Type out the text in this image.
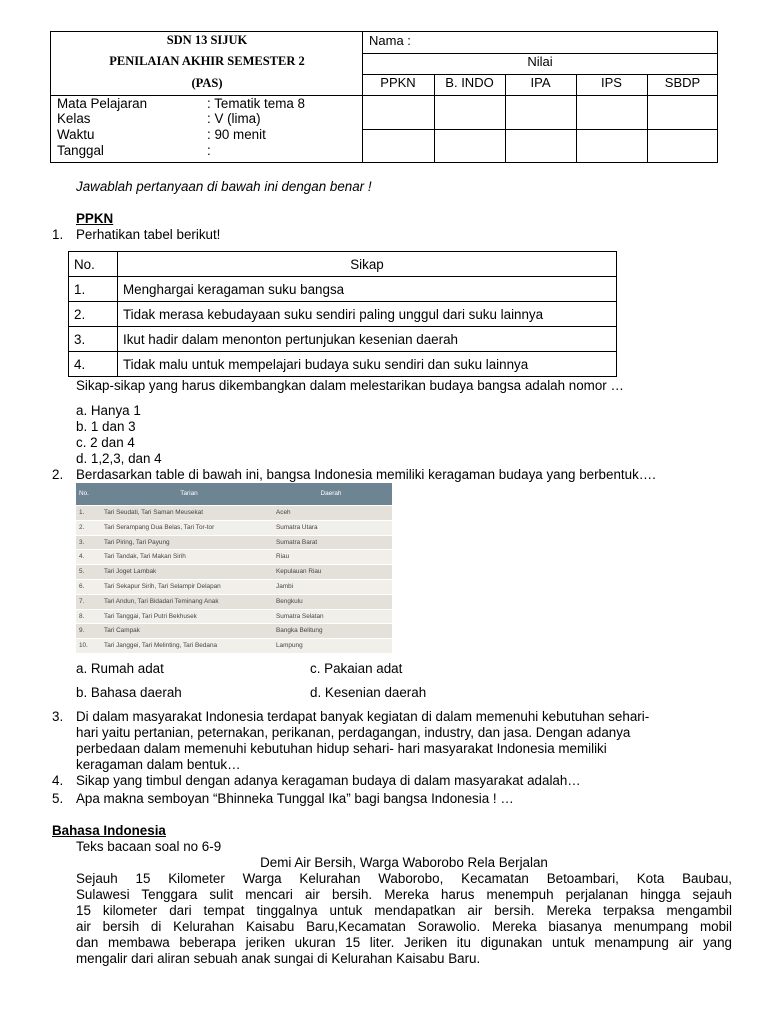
SDN 13 SIJUK
PENILAIAN AKHIR SEMESTER 2
(PAS)
Nama :
Nilai
PPKN	B. INDO	IPA	IPS	SBDP
Mata Pelajaran	: Tematik tema 8
Kelas	: V (lima)
Waktu	: 90 menit
Tanggal	:
Jawablah pertanyaan di bawah ini dengan benar !
PPKN
1. Perhatikan tabel berikut!
No.	Sikap
1.	Menghargai keragaman suku bangsa
2.	Tidak merasa kebudayaan suku sendiri paling unggul dari suku lainnya
3.	Ikut hadir dalam menonton pertunjukan kesenian daerah
4.	Tidak malu untuk mempelajari budaya suku sendiri dan suku lainnya
Sikap-sikap yang harus dikembangkan dalam melestarikan budaya bangsa adalah nomor …
a. Hanya 1
b. 1 dan 3
c. 2 dan 4
d. 1,2,3, dan 4
2. Berdasarkan table di bawah ini, bangsa Indonesia memiliki keragaman budaya yang berbentuk….
No.	Tarian	Daerah
1.	Tari Seudati, Tari Saman Meusekat	Aceh
2.	Tari Serampang Dua Belas, Tari Tor-tor	Sumatra Utara
3.	Tari Piring, Tari Payung	Sumatra Barat
4.	Tari Tandak, Tari Makan Sirih	Riau
5.	Tari Joget Lambak	Kepulauan Riau
6.	Tari Sekapur Sirih, Tari Selampir Delapan	Jambi
7.	Tari Andun, Tari Bidadari Teminang Anak	Bengkulu
8.	Tari Tanggai, Tari Putri Bekhusek	Sumatra Selatan
9.	Tari Campak	Bangka Belitung
10.	Tari Janggei, Tari Melinting, Tari Bedana	Lampung
a. Rumah adat	c. Pakaian adat
b. Bahasa daerah	d. Kesenian daerah
3. Di dalam masyarakat Indonesia terdapat banyak kegiatan di dalam memenuhi kebutuhan sehari-
hari yaitu pertanian, peternakan, perikanan, perdagangan, industry, dan jasa. Dengan adanya
perbedaan dalam memenuhi kebutuhan hidup sehari- hari masyarakat Indonesia memiliki
keragaman dalam bentuk…
4. Sikap yang timbul dengan adanya keragaman budaya di dalam masyarakat adalah…
5. Apa makna semboyan “Bhinneka Tunggal Ika” bagi bangsa Indonesia ! …
Bahasa Indonesia
Teks bacaan soal no 6-9
Demi Air Bersih, Warga Waborobo Rela Berjalan
Sejauh 15 Kilometer Warga Kelurahan Waborobo, Kecamatan Betoambari, Kota Baubau,
Sulawesi Tenggara sulit mencari air bersih. Mereka harus menempuh perjalanan hingga sejauh
15 kilometer dari tempat tinggalnya untuk mendapatkan air bersih. Mereka terpaksa mengambil
air bersih di Kelurahan Kaisabu Baru,Kecamatan Sorawolio. Mereka biasanya menumpang mobil
dan membawa beberapa jeriken ukuran 15 liter. Jeriken itu digunakan untuk menampung air yang
mengalir dari aliran sebuah anak sungai di Kelurahan Kaisabu Baru.
